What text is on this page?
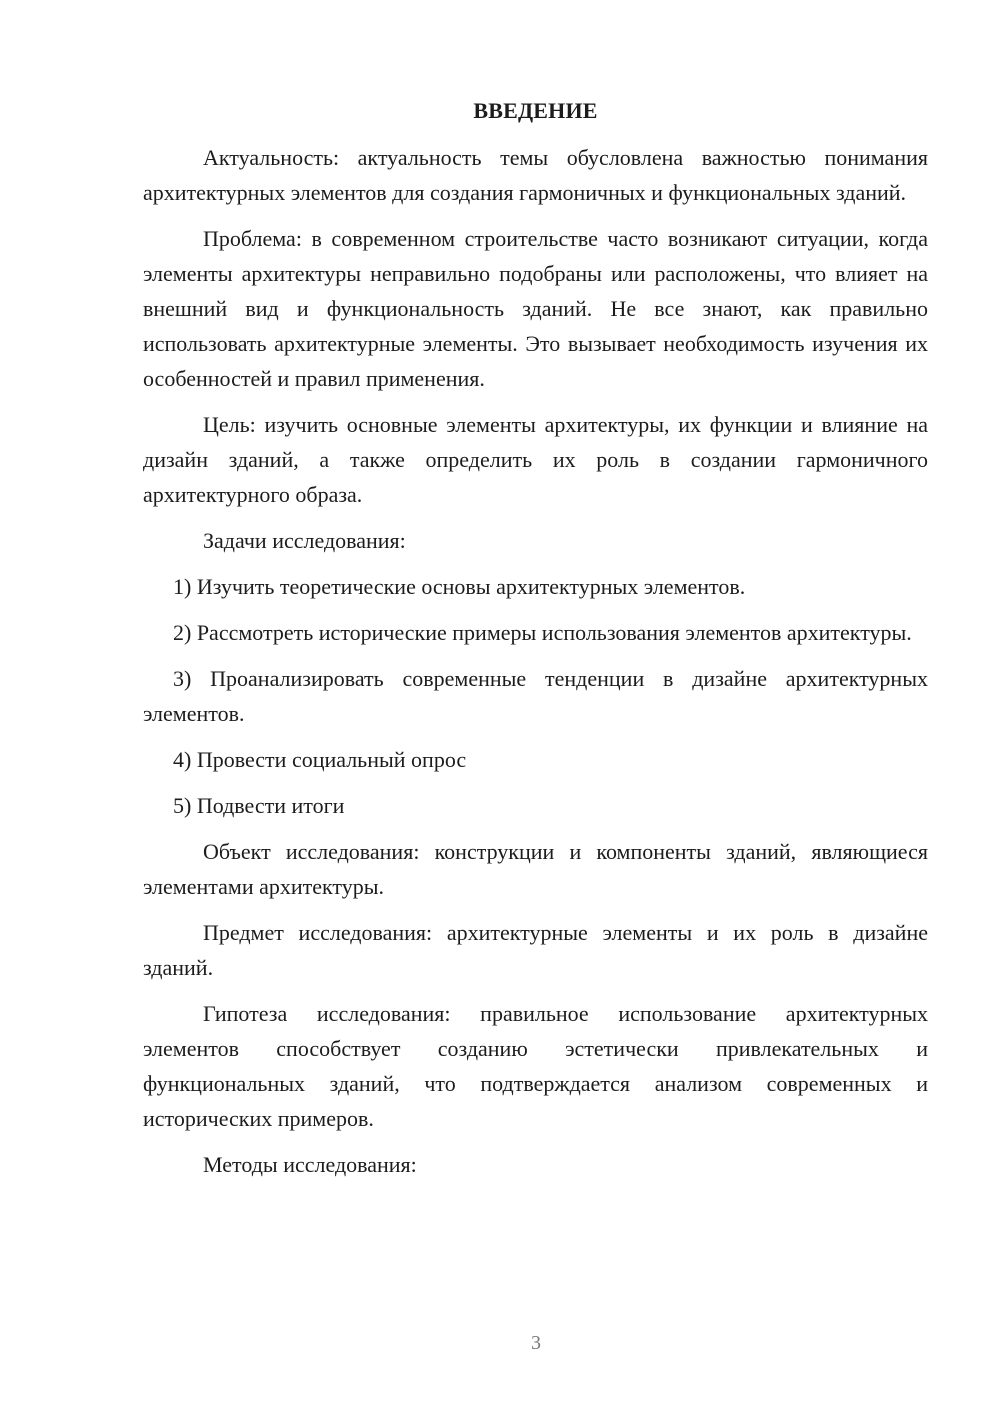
ВВЕДЕНИЕ

Актуальность: актуальность темы обусловлена важностью понимания архитектурных элементов для создания гармоничных и функциональных зданий.

Проблема: в современном строительстве часто возникают ситуации, когда элементы архитектуры неправильно подобраны или расположены, что влияет на внешний вид и функциональность зданий. Не все знают, как правильно использовать архитектурные элементы. Это вызывает необходимость изучения их особенностей и правил применения.

Цель: изучить основные элементы архитектуры, их функции и влияние на дизайн зданий, а также определить их роль в создании гармоничного архитектурного образа.

Задачи исследования:

1) Изучить теоретические основы архитектурных элементов.

2) Рассмотреть исторические примеры использования элементов архитектуры.

3) Проанализировать современные тенденции в дизайне архитектурных элементов.

4) Провести социальный опрос

5) Подвести итоги

Объект исследования: конструкции и компоненты зданий, являющиеся элементами архитектуры.

Предмет исследования: архитектурные элементы и их роль в дизайне зданий.

Гипотеза исследования: правильное использование архитектурных элементов способствует созданию эстетически привлекательных и функциональных зданий, что подтверждается анализом современных и исторических примеров.

Методы исследования:

3
